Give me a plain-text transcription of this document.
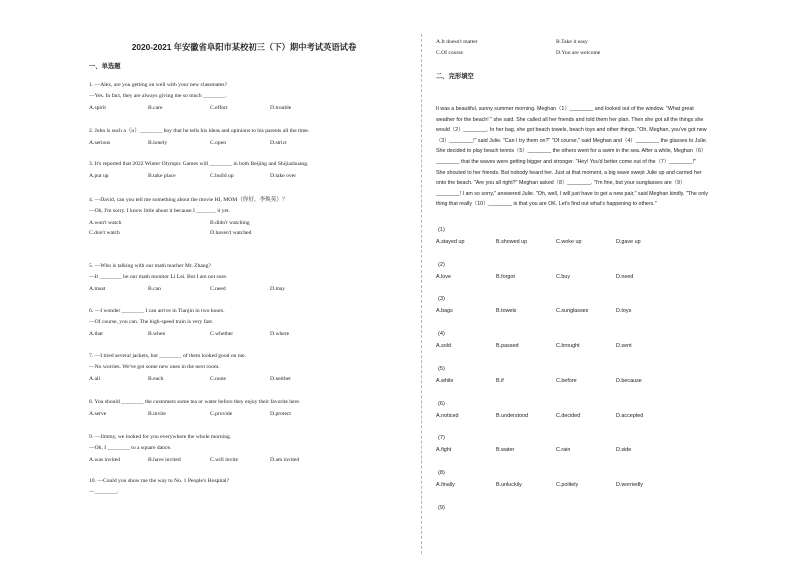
2020-2021 年安徽省阜阳市某校初三（下）期中考试英语试卷
一、单选题
1. —Alex, are you getting on well with your new classmates?
—Yes. In fact, they are always giving me so much ________.
A.spirit	B.care	C.effort	D.trouble
2. John is such a（n）________ boy that he tells his ideas and opinions to his parents all the time.
A.serious	B.lonely	C.open	D.strict
3. It's reported that 2022 Winter Olympic Games will ________ in both Beijing and Shijiazhuang.
A.put up	B.take place	C.build up	D.take over
4. —David, can you tell me something about the movie HI, MOM（你好，李焕英）？
—Oh, I'm sorry. I know little about it because I _______ it yet.
A.won't watch	B.didn't watching
C.don't watch	D.haven't watched
5. —Who is talking with our math teacher Mr. Zhang?
—It ________ be our math monitor Li Lei. But I am not sure.
A.must	B.can	C.need	D.may
6. —I wonder ________ I can arrive in Tianjin in two hours.
—Of course, you can. The high-speed train is very fast.
A.that	B.when	C.whether	D.where
7. —I tried several jackets, but ________ of them looked good on me.
—No worries. We've got some new ones in the next room.
A.all	B.each	C.none	D.neither
8. You should ________ the customers some tea or water before they enjoy their favorite here.
A.serve	B.invite	C.provide	D.protect
9. —Jimmy, we looked for you everywhere the whole morning.
—Oh, I ________ to a square dance.
A.was invited	B.have invited	C.will invite	D.am invited
10. —Could you show me the way to No. 1 People's Hospital?
—________.
A.It doesn't matter	B.Take it easy
C.Of course	D.You are welcome
二、完形填空
It was a beautiful, sunny summer morning. Meghan（1）________ and looked out of the window. "What great
weather for the beach! " she said. She called all her friends and told them her plan. Then she got all the things she
would（2）________. In her bag, she got beach towels, beach toys and other things. "Oh, Meghan, you've got new
（3）________!" said Julie. "Can I try them on?" "Of course," said Meghan and（4）________ the glasses to Julie.
She decided to play beach tennis（5）________ the others went for a swim in the sea. After a while, Meghan（6）
________ that the waves were getting bigger and stronger. "Hey! You'd better come out of the（7）________!"
She shouted to her friends. But nobody heard her. Just at that moment, a big wave swept Julie up and carried her
onto the beach. "Are you all right?" Meghan asked（8）________. "I'm fine, but your sunglasses are（9）
________! I am so sorry," answered Julie. "Oh, well, I will just have to get a new pair," said Meghan kindly. "The only
thing that really（10）________ is that you are OK. Let's find out what's happening to others."
(1)
A.stayed up	B.showed up	C.woke up	D.gave up
(2)
A.love	B.forgot	C.buy	D.need
(3)
A.bags	B.towels	C.sunglasses	D.toys
(4)
A.sold	B.passed	C.brought	D.sent
(5)
A.while	B.if	C.before	D.because
(6)
A.noticed	B.understood	C.decided	D.accepted
(7)
A.fight	B.water	C.rain	D.side
(8)
A.finally	B.unluckily	C.politely	D.worriedly
(9)
